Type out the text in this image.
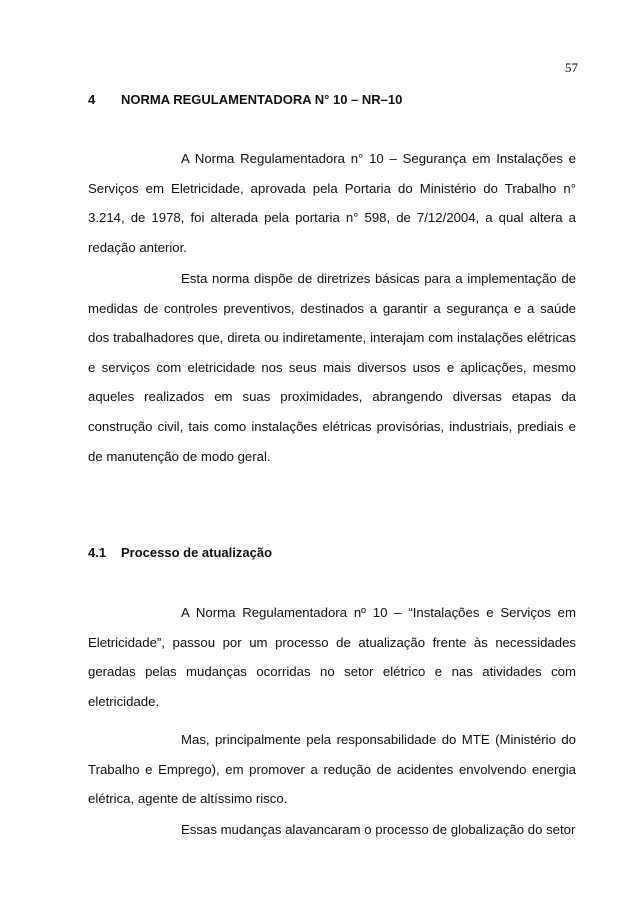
57
4 NORMA REGULAMENTADORA N° 10 – NR–10

A Norma Regulamentadora n° 10 – Segurança em Instalações e Serviços em Eletricidade, aprovada pela Portaria do Ministério do Trabalho n° 3.214, de 1978, foi alterada pela portaria n° 598, de 7/12/2004, a qual altera a redação anterior.

Esta norma dispõe de diretrizes básicas para a implementação de medidas de controles preventivos, destinados a garantir a segurança e a saúde dos trabalhadores que, direta ou indiretamente, interajam com instalações elétricas e serviços com eletricidade nos seus mais diversos usos e aplicações, mesmo aqueles realizados em suas proximidades, abrangendo diversas etapas da construção civil, tais como instalações elétricas provisórias, industriais, prediais e de manutenção de modo geral.

4.1 Processo de atualização

A Norma Regulamentadora nº 10 – “Instalações e Serviços em Eletricidade”, passou por um processo de atualização frente às necessidades geradas pelas mudanças ocorridas no setor elétrico e nas atividades com eletricidade.

Mas, principalmente pela responsabilidade do MTE (Ministério do Trabalho e Emprego), em promover a redução de acidentes envolvendo energia elétrica, agente de altíssimo risco.

Essas mudanças alavancaram o processo de globalização do setor
